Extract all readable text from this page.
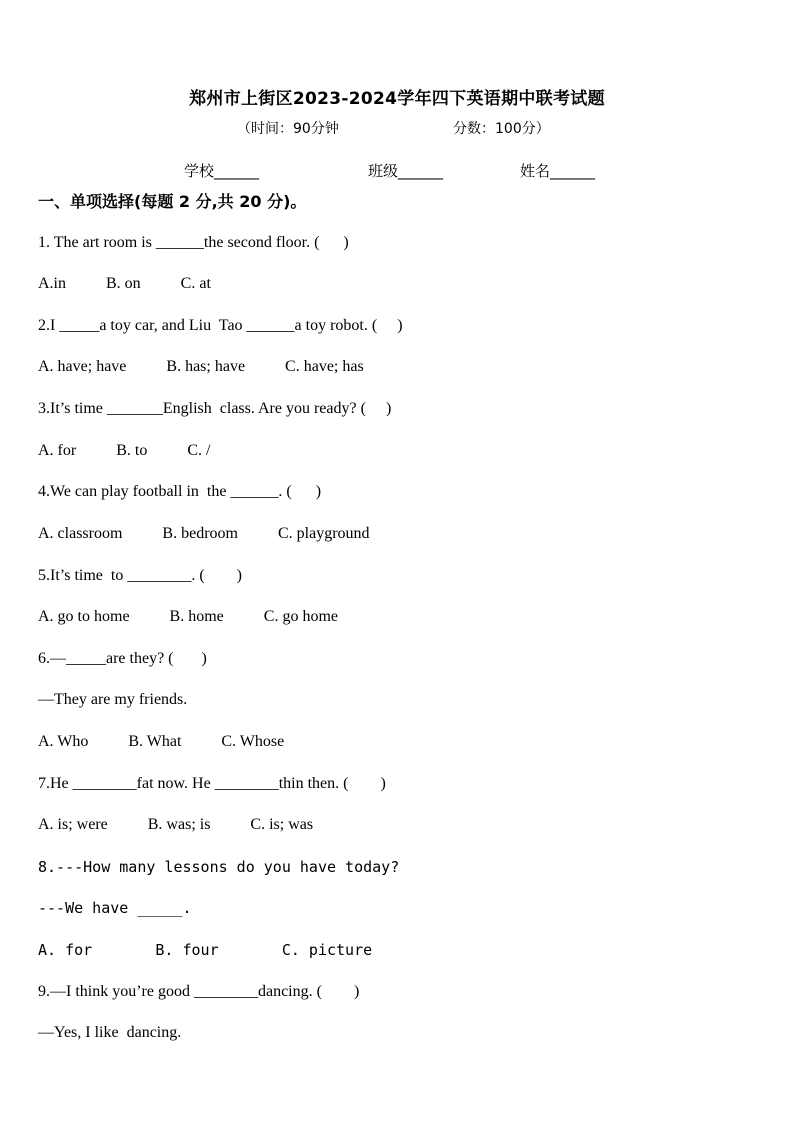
郑州市上街区2023-2024学年四下英语期中联考试题
（时间：90分钟	分数：100分）
学校______	班级______	姓名______
一、单项选择(每题 2 分,共 20 分)。
1. The art room is ______the second floor. (      )
A.in          B. on          C. at
2.I _____a toy car, and Liu  Tao ______a toy robot. (     )
A. have; have          B. has; have          C. have; has
3.It’s time _______English  class. Are you ready? (     )
A. for          B. to          C. /
4.We can play football in  the ______. (      )
A. classroom          B. bedroom          C. playground
5.It’s time  to ________. (        )
A. go to home          B. home          C. go home
6.—_____are they? (       )
—They are my friends.
A. Who          B. What          C. Whose
7.He ________fat now. He ________thin then. (        )
A. is; were          B. was; is          C. is; was
8.---How many lessons do you have today?
---We have _____.
A. for       B. four       C. picture
9.—I think you’re good ________dancing. (        )
—Yes, I like  dancing.
